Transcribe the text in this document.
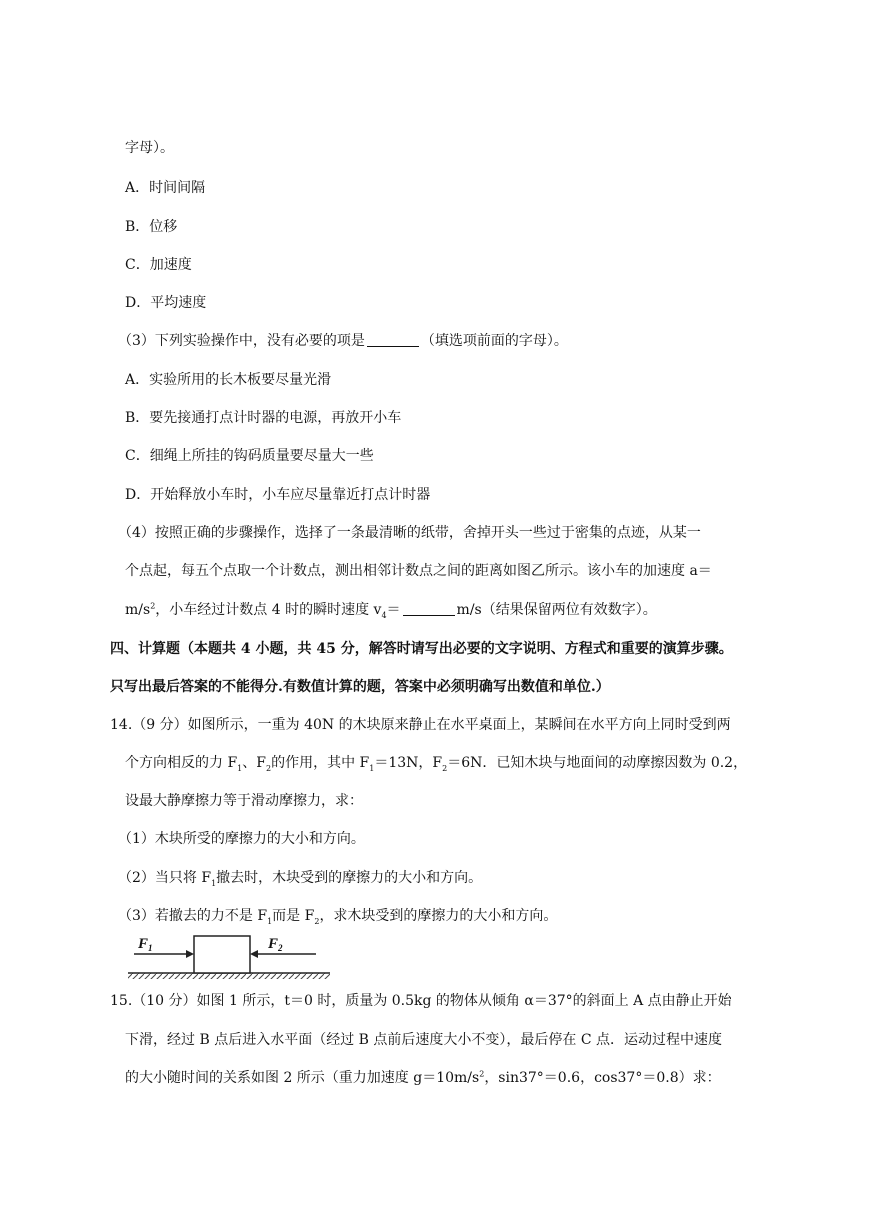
字母）。
A．时间间隔
B．位移
C．加速度
D．平均速度
（3）下列实验操作中，没有必要的项是	（填选项前面的字母）。
A．实验所用的长木板要尽量光滑
B．要先接通打点计时器的电源，再放开小车
C．细绳上所挂的钩码质量要尽量大一些
D．开始释放小车时，小车应尽量靠近打点计时器
（4）按照正确的步骤操作，选择了一条最清晰的纸带，舍掉开头一些过于密集的点迹，从某一
个点起，每五个点取一个计数点，测出相邻计数点之间的距离如图乙所示。该小车的加速度 a＝
$m/s^2$，小车经过计数点 4 时的瞬时速度 $v_4=$	m/s（结果保留两位有效数字）。
四、计算题（本题共 4 小题，共 45 分，解答时请写出必要的文字说明、方程式和重要的演算步骤。
只写出最后答案的不能得分.有数值计算的题，答案中必须明确写出数值和单位.）
14.（9 分）如图所示，一重为 40N 的木块原来静止在水平桌面上，某瞬间在水平方向上同时受到两
个方向相反的力 $F_1$、$F_2$的作用，其中 $F_1=13N$，$F_2=6N$．已知木块与地面间的动摩擦因数为 0.2，
设最大静摩擦力等于滑动摩擦力，求：
（1）木块所受的摩擦力的大小和方向。
（2）当只将 $F_1$撤去时，木块受到的摩擦力的大小和方向。
（3）若撤去的力不是 $F_1$而是 $F_2$，求木块受到的摩擦力的大小和方向。
$F_1$	$F_2$
15.（10 分）如图 1 所示，t＝0 时，质量为 0.5kg 的物体从倾角 α＝37°的斜面上 A 点由静止开始
下滑，经过 B 点后进入水平面（经过 B 点前后速度大小不变），最后停在 C 点．运动过程中速度
的大小随时间的关系如图 2 所示（重力加速度 $g=10m/s^2$，sin37°＝0.6，cos37°＝0.8）求：
